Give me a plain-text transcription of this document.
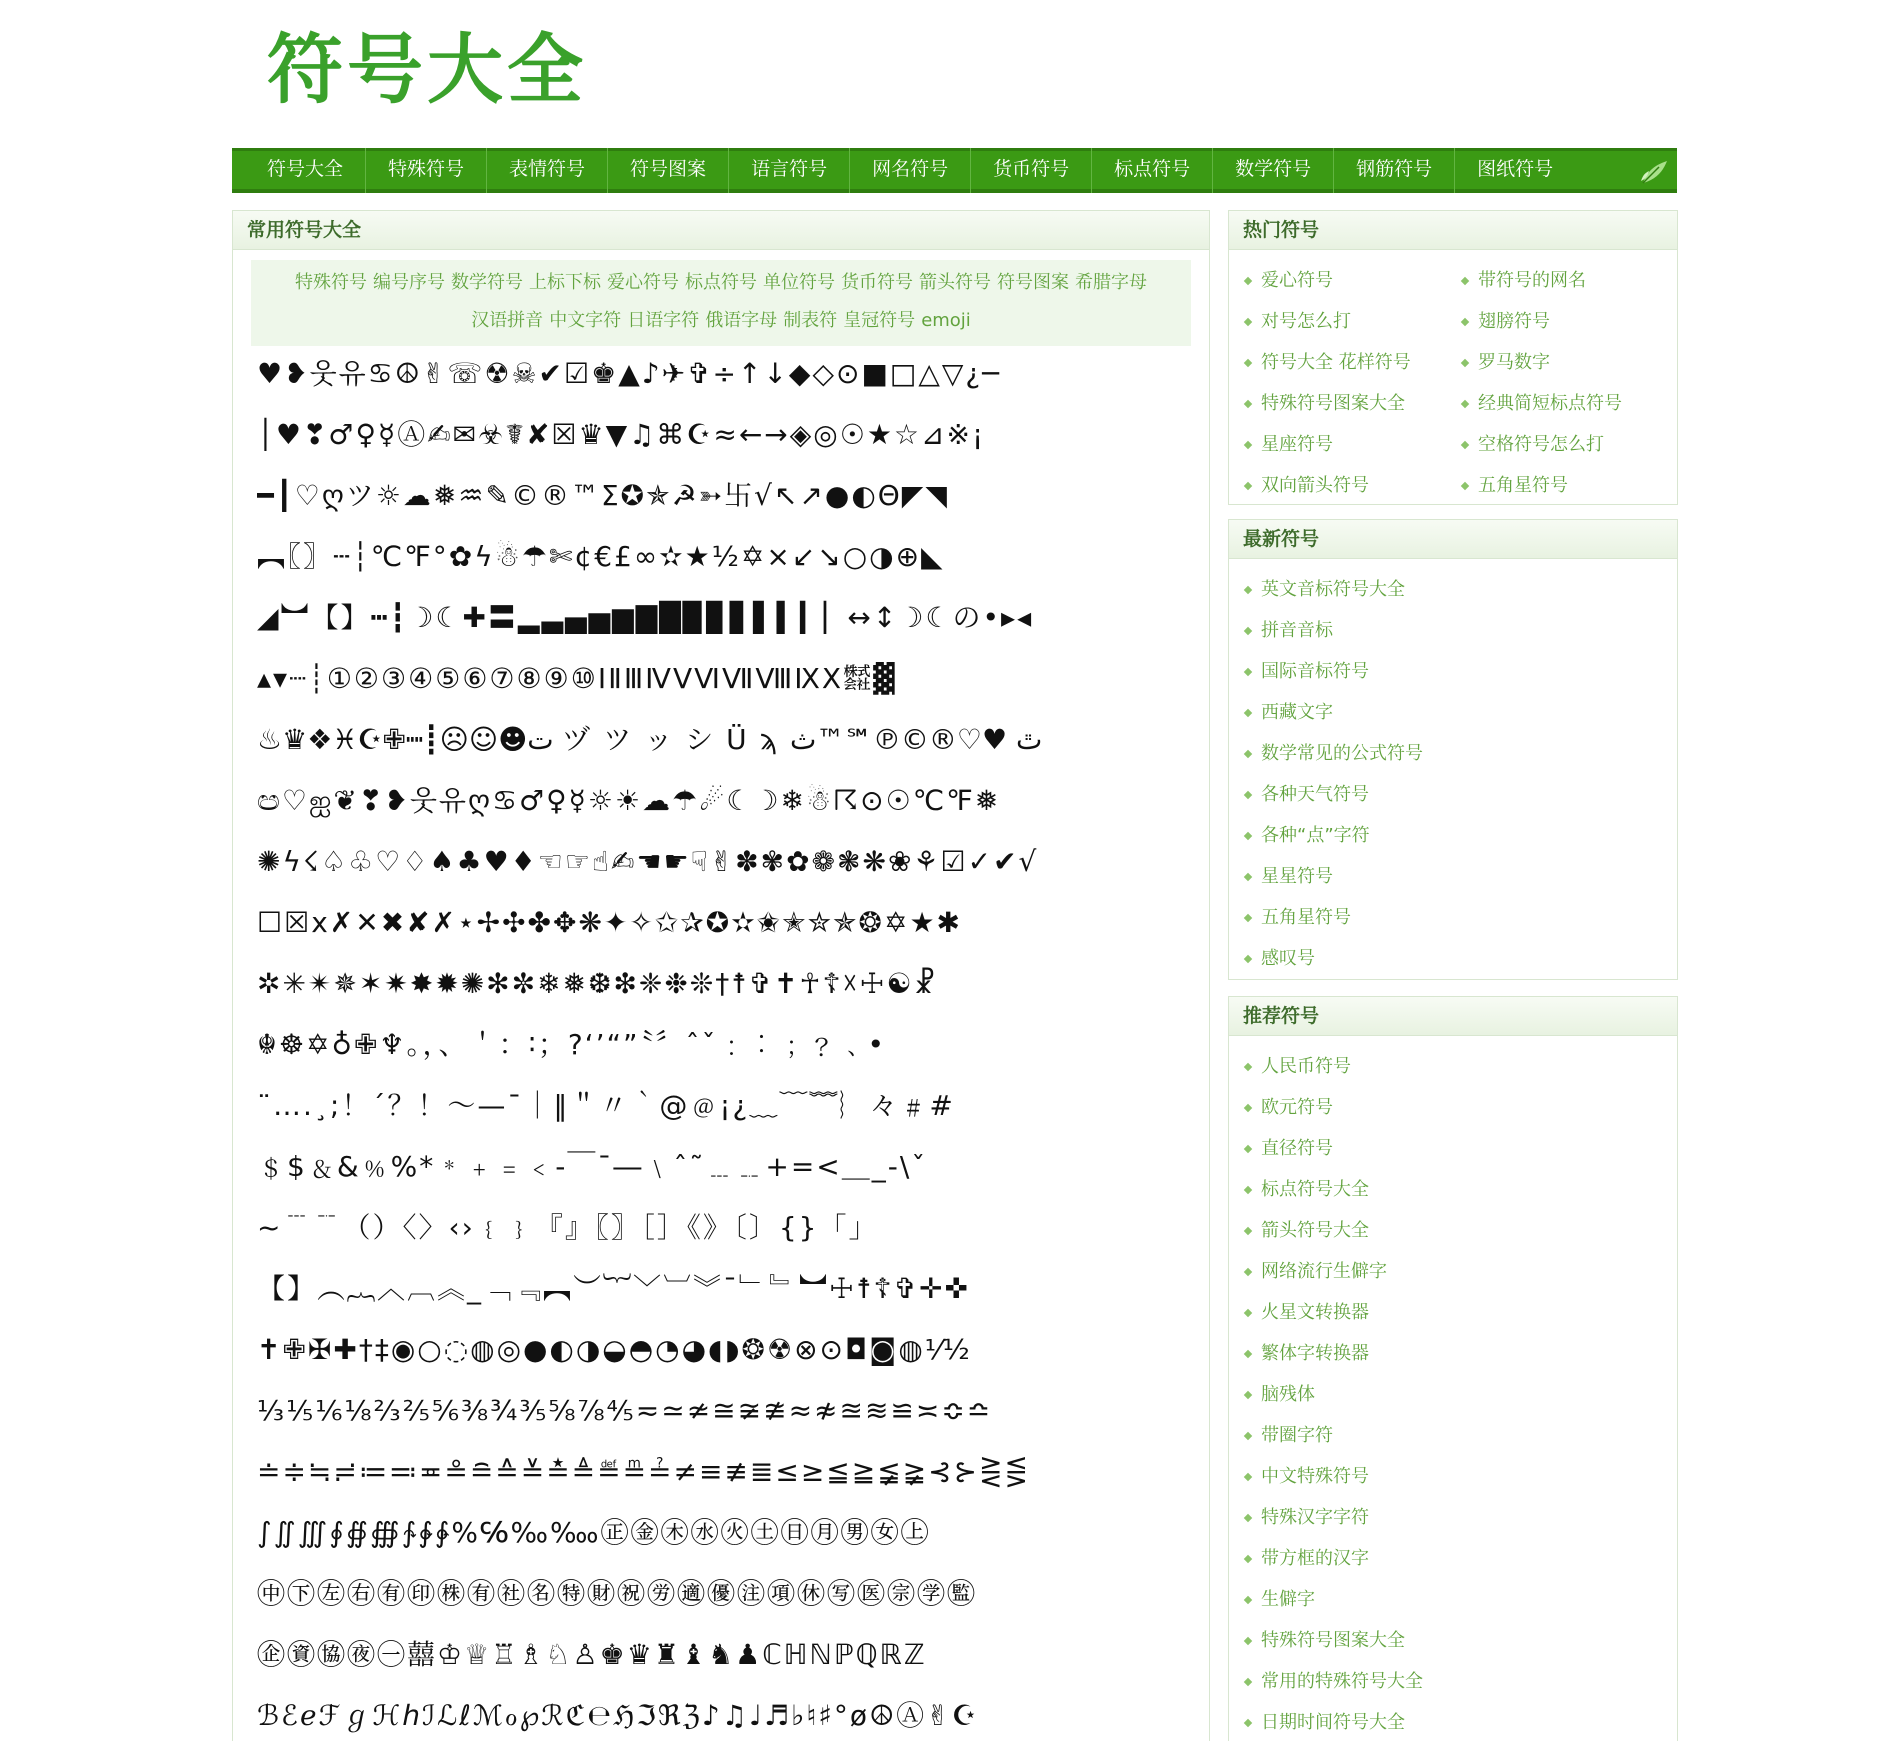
符号大全
符号大全	特殊符号	表情符号	符号图案	语言符号	网名符号	货币符号	标点符号	数学符号	钢筋符号	图纸符号
常用符号大全
特殊符号 编号序号 数学符号 上标下标 爱心符号 标点符号 单位符号 货币符号 箭头符号 符号图案 希腊字母
汉语拼音 中文字符 日语字符 俄语字母 制表符 皇冠符号 emoji
♥❥웃유♋☮✌☏☢☠✔☑♚▲♪✈✞÷↑↓◆◇⊙■□△▽¿─
│♥❣♂♀☿Ⓐ✍✉☣☤✘☒♛▼♫⌘☪≈←→◈◎☉★☆⊿※¡
━┃♡ღツ☼☁❅♒✎©®™Σ✪✯☭➳卐√↖↗●◐Θ◤◥
︻〖〗┄┆℃℉°✿ϟ☃☂✄¢€£∞✫★½✡×↙↘○◑⊕◣
◢︼【】┅┇☽☾✚〓▂▃▄▅▆▇█▉▊▋▌▍▎▏↔↕☽☾の•▸◂
▴▾┈┊①②③④⑤⑥⑦⑧⑨⑩ⅠⅡⅢⅣⅤⅥⅦⅧⅨⅩ㍿▓
♨♛❖♓☪✙┉┋☹☺☻ت ヅ ツ ッ シ Ü ϡ ﭢ ♥♡®©℗℠™ث
ඏ♡ஐ❦❣❥웃유ღ♋♂♀☿☼☀☁☂☄☾☽❄☃☈⊙☉℃℉❅
✺ϟ☇♤♧♡♢♠♣♥♦☜☞☝✍☚☛☟✌✽✾✿❁❃❋❀⚘☑✓✔√
☐☒ⅹ✗✕✖✘✗⋆✢✣✤✥❋✦✧✩✰✪✫✬✭✮✯❂✡★✱
✲✳✴✵✶✷✸✹✺✻✼❄❅❆❇❈❉❊†☨✞✝☥☦☓☩☯☧
☬☸✡♁✙♆。，、＇：∶；?‘’“”〝〞ˆˇ﹕︰﹔﹖﹑•
¨….¸;！´？！～—ˉ｜‖＂〃｀@﹫¡¿﹏﹋﹌︴々﹟#
﹩$﹠&﹪%*﹡﹢﹦﹤‐￣¯―﹨ˆ˜﹍﹎+=<＿_-\ˇ
~﹉﹊（）〈〉‹›﹛﹜『』〖〗［］《》〔〕{}「」
【】︵︷︿︹︽_﹁﹃︻︶︸﹀︺︾ˉ﹂﹄︼☩☨☦✞✛✜
✝✙✠✚†‡◉○◌◍◎●◐◑◒◓◔◕◖◗❂☢⊗⊙◘◙◍⅟½
⅓⅕⅙⅛⅔⅖⅚⅜¾⅗⅝⅞⅘≂≃≄≅≆≇≈≉≊≋≌≍≎≏
≐≑≒≓≔≕≖≗≘≙≚≛≜≝≞≟≠≡≢≣≤≥≦≧≨≩⊰⊱⋛⋚
∫∬∭∮∯∰∱∲∳%℅‰‱㊣㊎㊍㊌㊋㊏㊐㊊㊚㊛㊤
㊥㊦㊧㊨㊒㊞㊑㊒㊓㊔㊕㊖㊗㊘㊜㊝㊟㊠㊡㊢㊩㊪㊫㊬
㊭㊮㊯㊰㊀囍♔♕♖♗♘♙♚♛♜♝♞♟ℂℍℕℙℚℝℤ
ℬℰℯℱℊℋℎℐℒℓℳℴ℘ℛℭ℮ℌℑℜℨ♪♫♩♬♭♮♯°ø☮Ⓐ✌☪
热门符号
爱心符号	带符号的网名
对号怎么打	翅膀符号
符号大全 花样符号	罗马数字
特殊符号图案大全	经典简短标点符号
星座符号	空格符号怎么打
双向箭头符号	五角星符号
最新符号
英文音标符号大全
拼音音标
国际音标符号
西藏文字
数学常见的公式符号
各种天气符号
各种“点”字符
星星符号
五角星符号
感叹号
推荐符号
人民币符号
欧元符号
直径符号
标点符号大全
箭头符号大全
网络流行生僻字
火星文转换器
繁体字转换器
脑残体
带圈字符
中文特殊符号
特殊汉字字符
带方框的汉字
生僻字
特殊符号图案大全
常用的特殊符号大全
日期时间符号大全
